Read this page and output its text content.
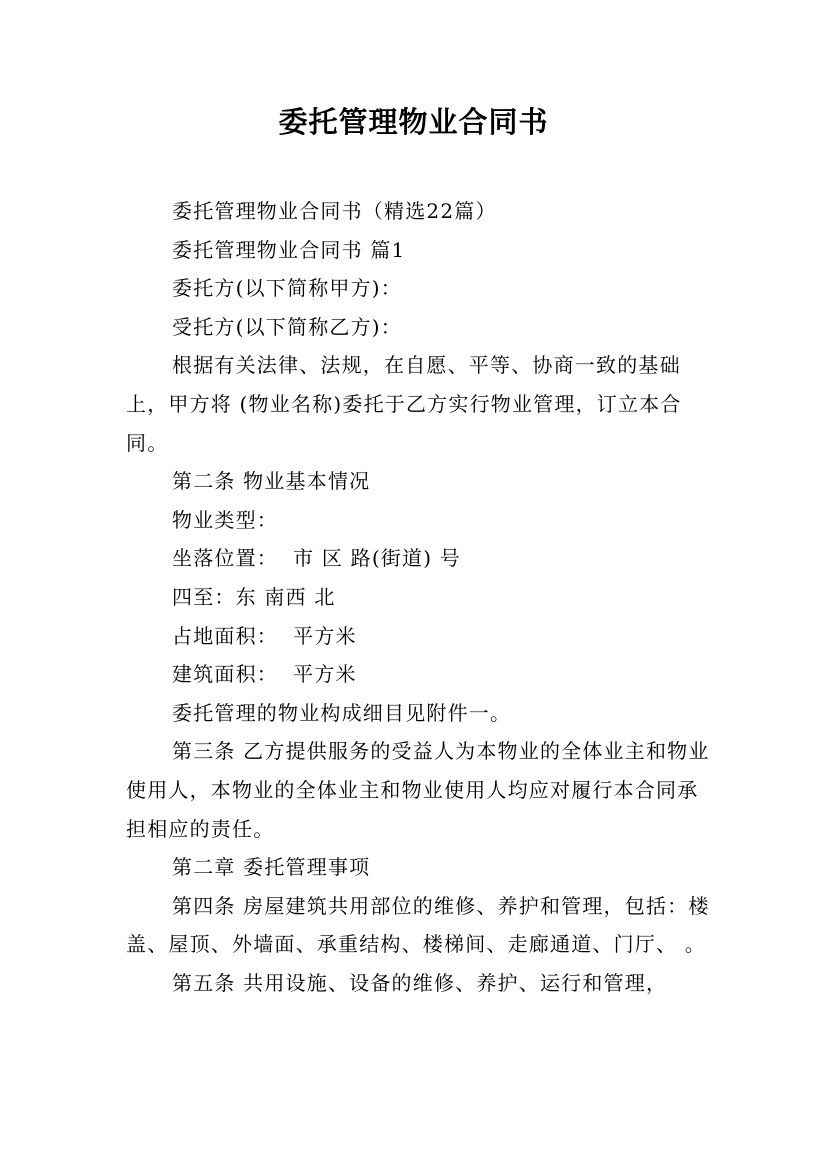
委托管理物业合同书

委托管理物业合同书（精选22篇）

委托管理物业合同书 篇1

委托方(以下简称甲方)：

受托方(以下简称乙方)：

根据有关法律、法规，在自愿、平等、协商一致的基础上，甲方将 (物业名称)委托于乙方实行物业管理，订立本合同。

第二条 物业基本情况

物业类型：

坐落位置：  市 区 路(街道) 号

四至：东 南西 北

占地面积：  平方米

建筑面积：  平方米

委托管理的物业构成细目见附件一。

第三条 乙方提供服务的受益人为本物业的全体业主和物业使用人，本物业的全体业主和物业使用人均应对履行本合同承担相应的责任。

第二章 委托管理事项

第四条 房屋建筑共用部位的维修、养护和管理，包括：楼盖、屋顶、外墙面、承重结构、楼梯间、走廊通道、门厅、 。

第五条 共用设施、设备的维修、养护、运行和管理，
